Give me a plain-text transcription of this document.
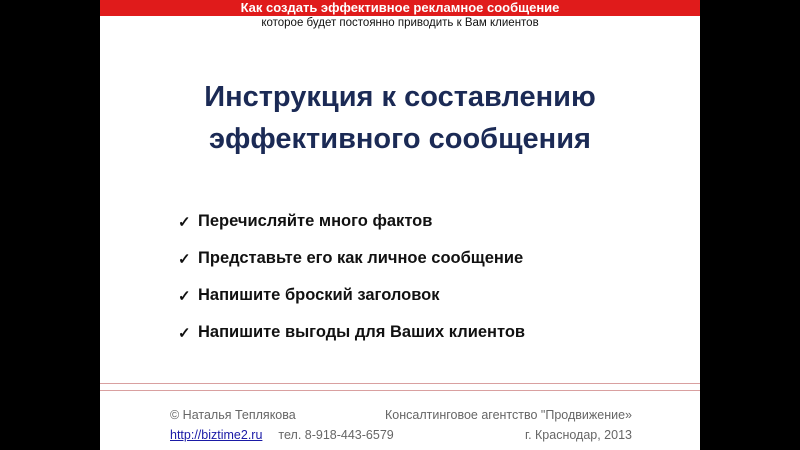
Как создать эффективное рекламное сообщение
которое будет постоянно приводить к Вам клиентов
Инструкция к составлению
эффективного сообщения
✓ Перечисляйте много фактов
✓ Представьте его как личное сообщение
✓ Напишите броский заголовок
✓ Напишите выгоды для Ваших клиентов
© Наталья Теплякова	Консалтинговое агентство "Продвижение»
http://biztime2.ru тел. 8-918-443-6579	г. Краснодар, 2013
